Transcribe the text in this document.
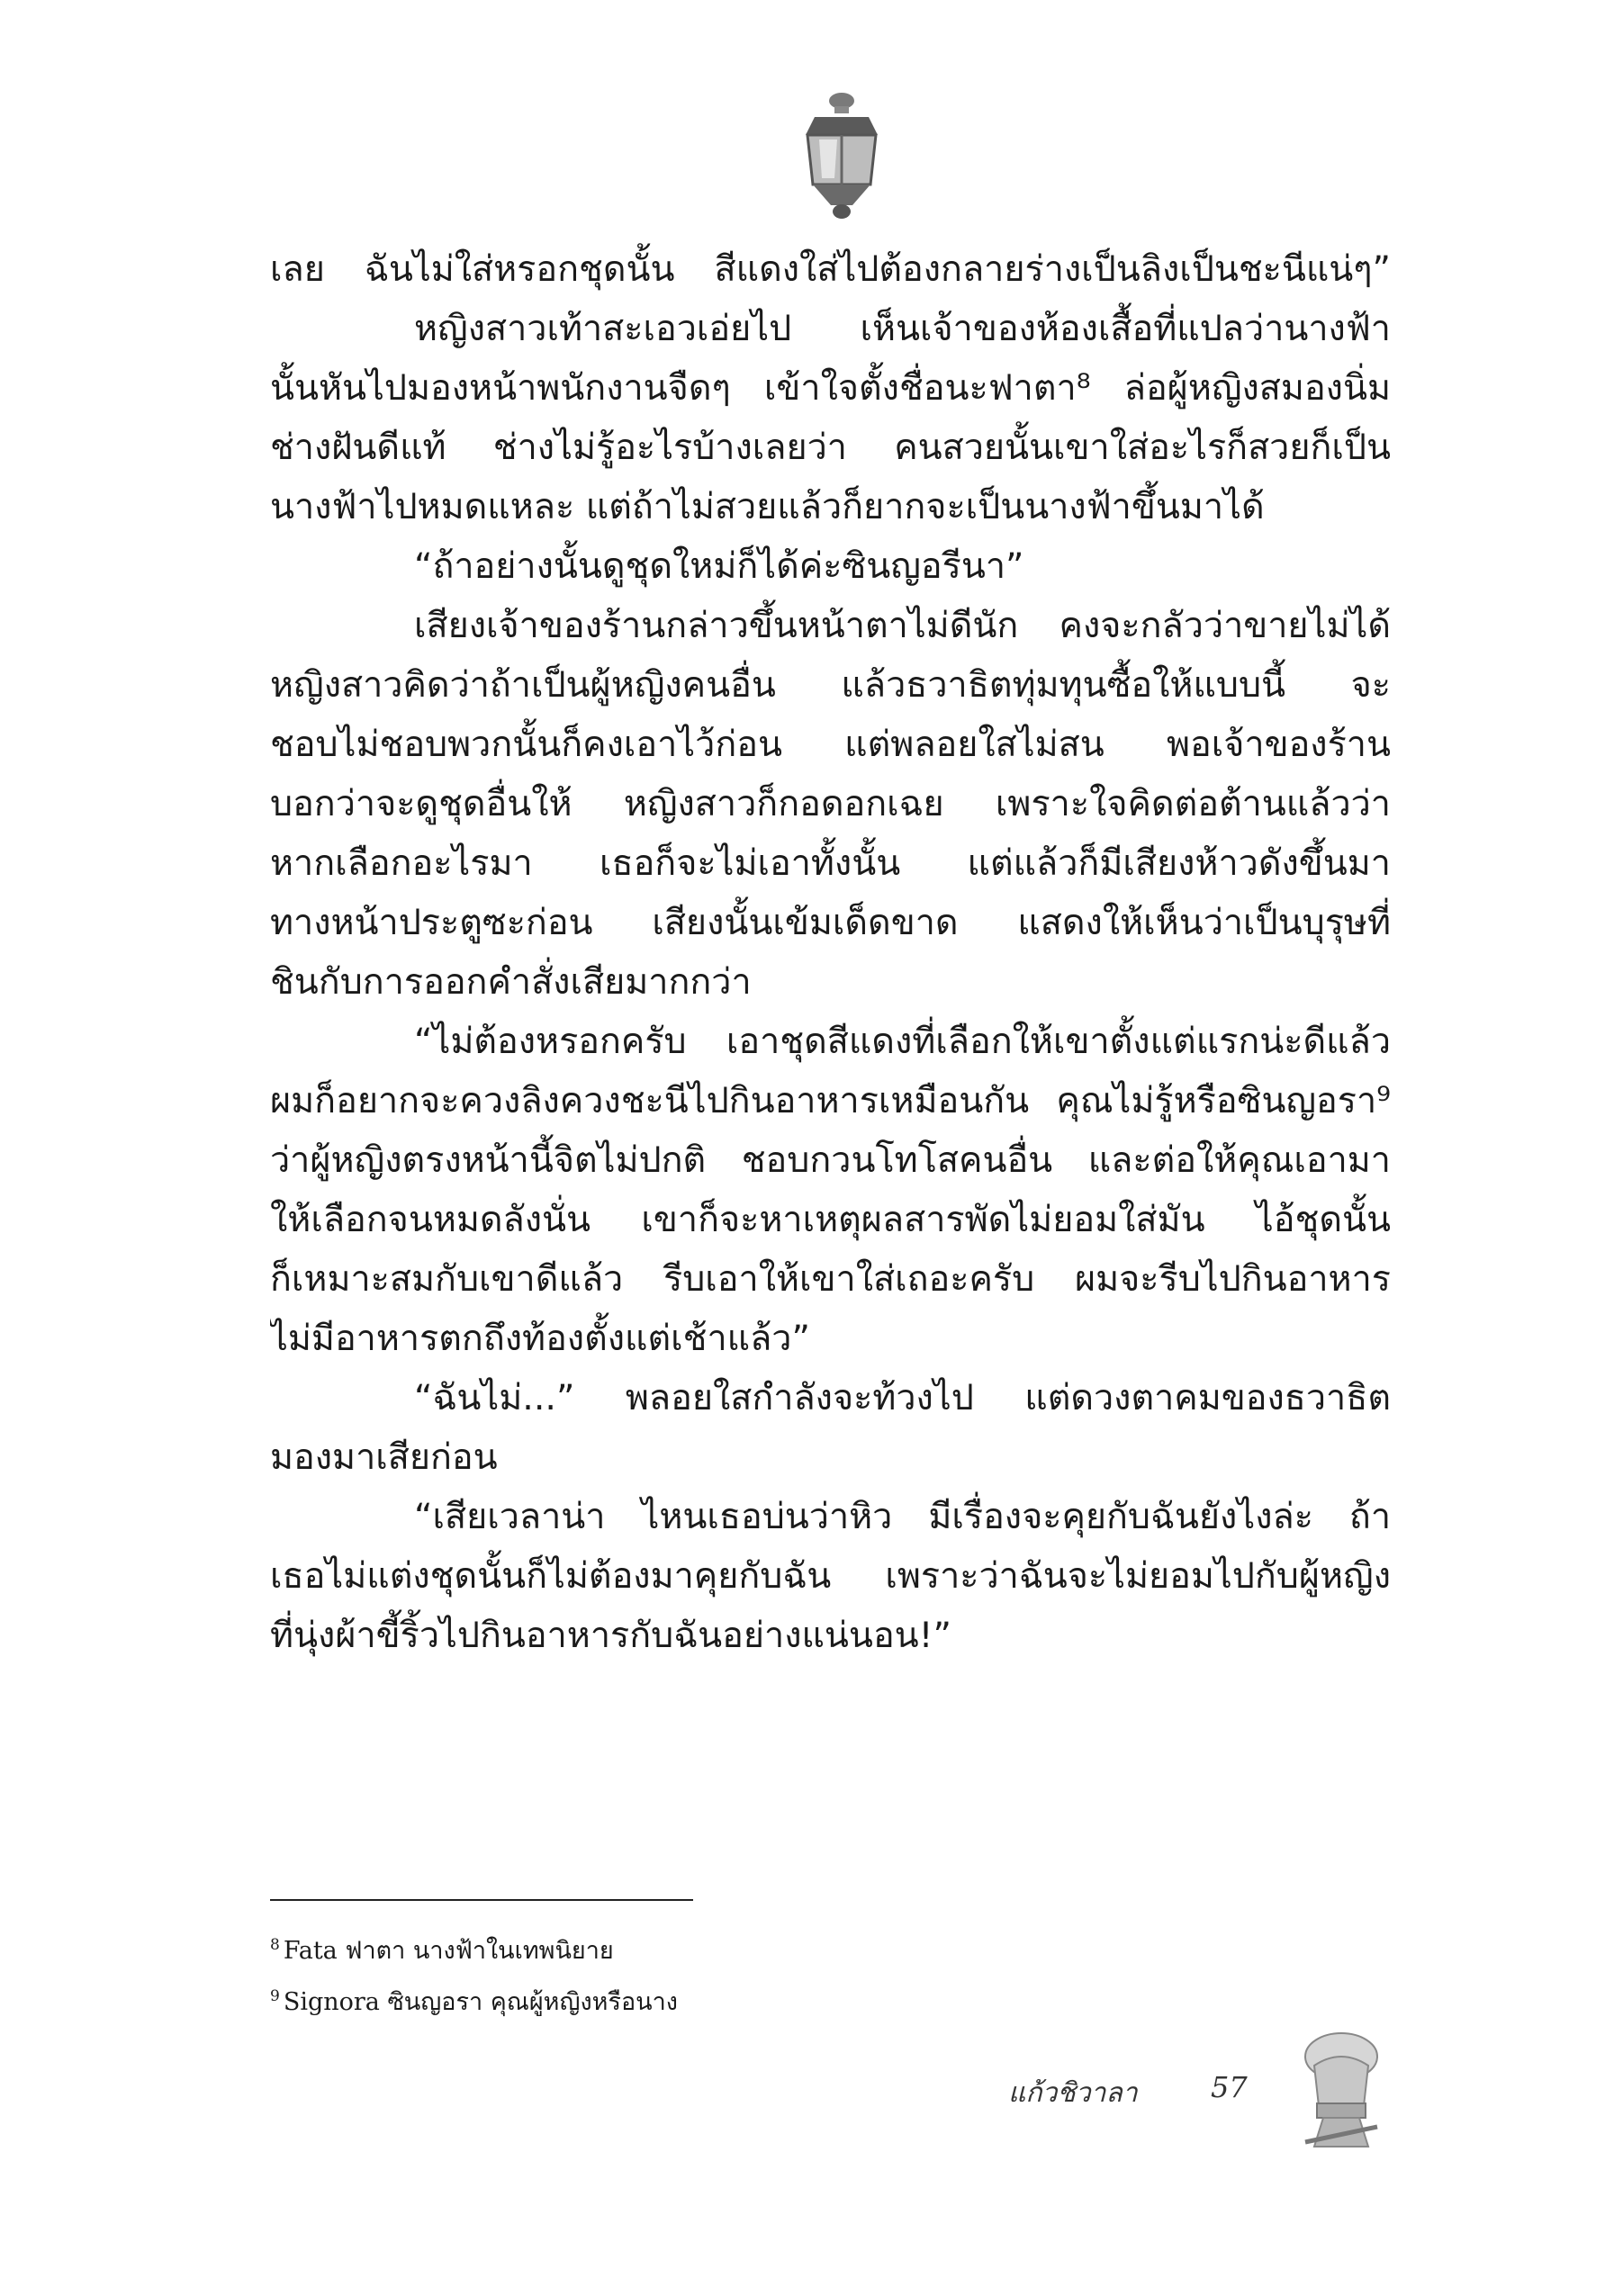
เลย ฉันไม่ใส่หรอกชุดนั้น สีแดงใส่ไปต้องกลายร่างเป็นลิงเป็นชะนีแน่ๆ”
หญิงสาวเท้าสะเอวเอ่ยไป เห็นเจ้าของห้องเสื้อที่แปลว่านางฟ้า
นั้นหันไปมองหน้าพนักงานจืดๆ เข้าใจตั้งชื่อนะฟาตา⁸ ล่อผู้หญิงสมองนิ่ม
ช่างฝันดีแท้ ช่างไม่รู้อะไรบ้างเลยว่า คนสวยนั้นเขาใส่อะไรก็สวยก็เป็น
นางฟ้าไปหมดแหละ แต่ถ้าไม่สวยแล้วก็ยากจะเป็นนางฟ้าขึ้นมาได้
“ถ้าอย่างนั้นดูชุดใหม่ก็ได้ค่ะซินญอรีนา”
เสียงเจ้าของร้านกล่าวขึ้นหน้าตาไม่ดีนัก คงจะกลัวว่าขายไม่ได้
หญิงสาวคิดว่าถ้าเป็นผู้หญิงคนอื่น แล้วธวาธิตทุ่มทุนซื้อให้แบบนี้ จะ
ชอบไม่ชอบพวกนั้นก็คงเอาไว้ก่อน แต่พลอยใสไม่สน พอเจ้าของร้าน
บอกว่าจะดูชุดอื่นให้ หญิงสาวก็กอดอกเฉย เพราะใจคิดต่อต้านแล้วว่า
หากเลือกอะไรมา เธอก็จะไม่เอาทั้งนั้น แต่แล้วก็มีเสียงห้าวดังขึ้นมา
ทางหน้าประตูซะก่อน เสียงนั้นเข้มเด็ดขาด แสดงให้เห็นว่าเป็นบุรุษที่
ชินกับการออกคำสั่งเสียมากกว่า
“ไม่ต้องหรอกครับ เอาชุดสีแดงที่เลือกให้เขาตั้งแต่แรกน่ะดีแล้ว
ผมก็อยากจะควงลิงควงชะนีไปกินอาหารเหมือนกัน คุณไม่รู้หรือซินญอรา⁹
ว่าผู้หญิงตรงหน้านี้จิตไม่ปกติ ชอบกวนโทโสคนอื่น และต่อให้คุณเอามา
ให้เลือกจนหมดลังนั่น เขาก็จะหาเหตุผลสารพัดไม่ยอมใส่มัน ไอ้ชุดนั้น
ก็เหมาะสมกับเขาดีแล้ว รีบเอาให้เขาใส่เถอะครับ ผมจะรีบไปกินอาหาร
ไม่มีอาหารตกถึงท้องตั้งแต่เช้าแล้ว”
“ฉันไม่...” พลอยใสกำลังจะท้วงไป แต่ดวงตาคมของธวาธิต
มองมาเสียก่อน
“เสียเวลาน่า ไหนเธอบ่นว่าหิว มีเรื่องจะคุยกับฉันยังไงล่ะ ถ้า
เธอไม่แต่งชุดนั้นก็ไม่ต้องมาคุยกับฉัน เพราะว่าฉันจะไม่ยอมไปกับผู้หญิง
ที่นุ่งผ้าขี้ริ้วไปกินอาหารกับฉันอย่างแน่นอน!”
$^8$ Fata ฟาตา นางฟ้าในเทพนิยาย
$^9$ Signora ซินญอรา คุณผู้หญิงหรือนาง
แก้วชิวาลา	57
